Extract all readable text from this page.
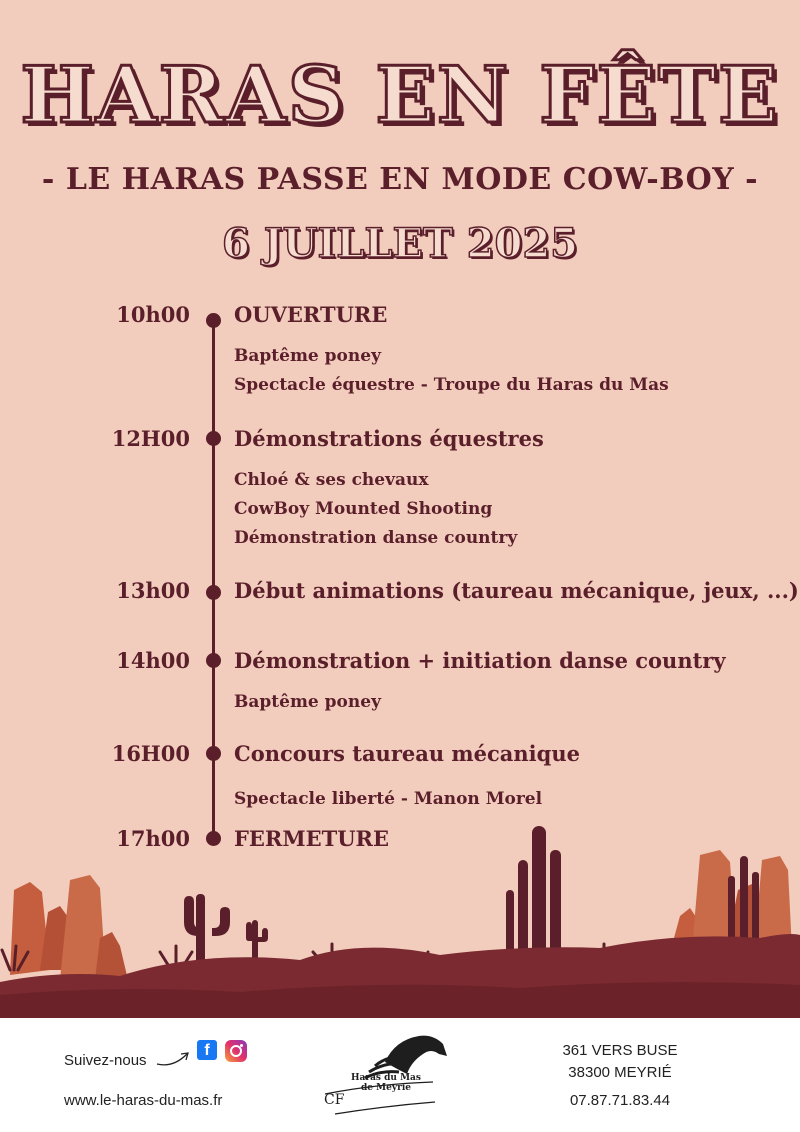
HARAS EN FÊTE
- LE HARAS PASSE EN MODE COW-BOY -
6 JUILLET 2025
10h00 OUVERTURE
Baptême poney
Spectacle équestre - Troupe du Haras du Mas
12H00 Démonstrations équestres
Chloé & ses chevaux
CowBoy Mounted Shooting
Démonstration danse country
13h00 Début animations (taureau mécanique, jeux, ...)
14h00 Démonstration + initiation danse country
Baptême poney
16H00 Concours taureau mécanique
Spectacle liberté - Manon Morel
17h00 FERMETURE
Suivez-nous
f
www.le-haras-du-mas.fr	CF
Haras du Mas
de Meyrie
361 VERS BUSE
38300 MEYRIÉ
07.87.71.83.44
